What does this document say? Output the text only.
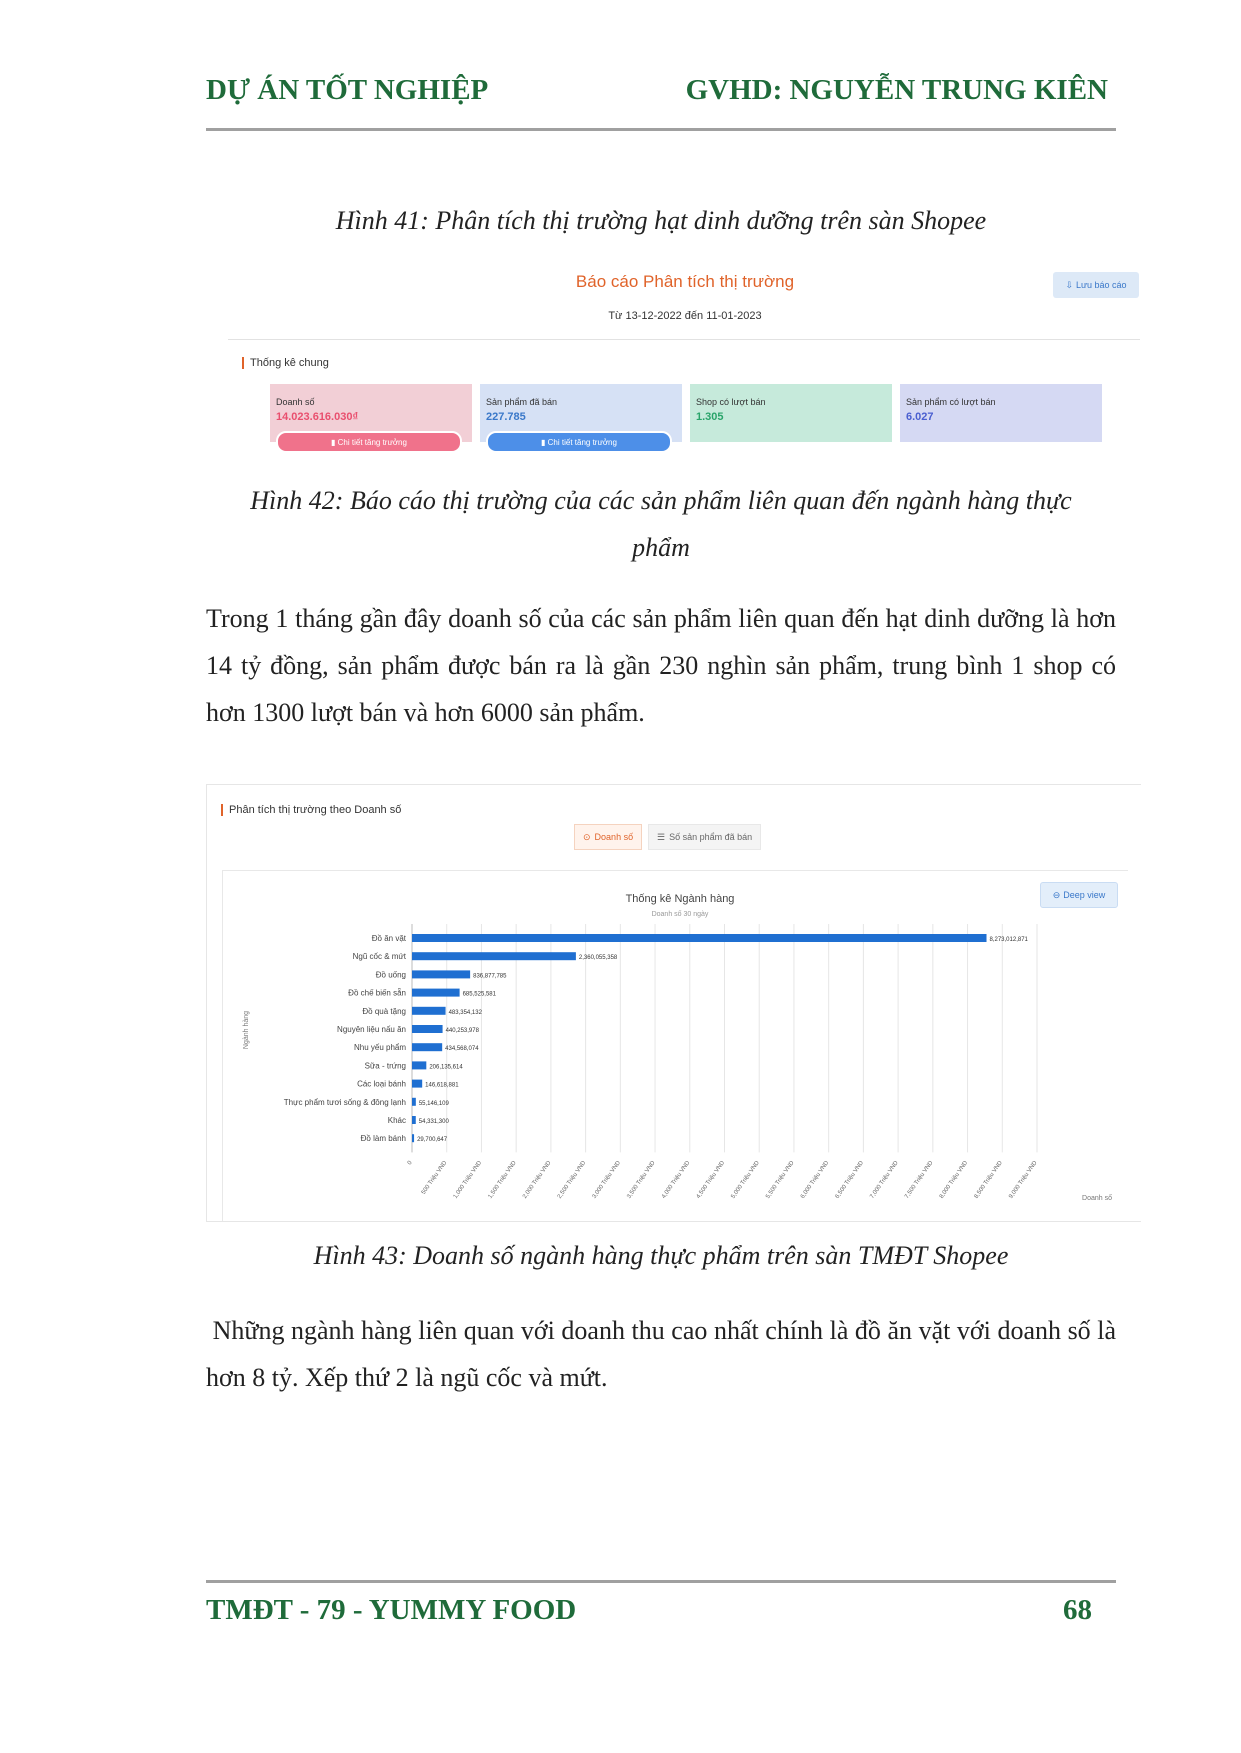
DỰ ÁN TỐT NGHIỆP	GVHD: NGUYỄN TRUNG KIÊN
Hình 41: Phân tích thị trường hạt dinh dưỡng trên sàn Shopee
Báo cáo Phân tích thị trường
Từ 13-12-2022 đến 11-01-2023
⇩ Lưu báo cáo
Thống kê chung
Doanh số
14.023.616.030₫
Sản phẩm đã bán
227.785
Shop có lượt bán
1.305
Sản phẩm có lượt bán
6.027
▮
Chi tiết tăng trưởng	▮
Chi tiết tăng trưởng
Hình 42: Báo cáo thị trường của các sản phẩm liên quan đến ngành hàng thực
phẩm

Trong 1 tháng gần đây doanh số của các sản phẩm liên quan đến hạt dinh dưỡng là hơn 14 tỷ đồng, sản phẩm được bán ra là gần 230 nghìn sản phẩm, trung bình 1 shop có hơn 1300 lượt bán và hơn 6000 sản phẩm.

Phân tích thị trường theo Doanh số
⊙ Doanh số	☰ Số sản phẩm đã bán
⊖ Deep view
Thống kê Ngành hàng
Doanh số 30 ngày
Ngành hàng
Doanh số
Đồ ăn vặt	8,273,012,871
Ngũ cốc & mứt	2,360,055,358
Đồ uống	836,877,785
Đồ chế biến sẵn	685,525,581
Đồ quà tặng	483,354,132
Nguyên liệu nấu ăn	440,253,978
Nhu yếu phẩm	434,568,074
Sữa - trứng	206,135,614
Các loại bánh	146,618,881
Thực phẩm tươi sống & đông lạnh 55,146,109
Khác 54,331,300
Đồ làm bánh 29,700,647
0 500 Triệu VND 1,000 Triệu VND 1,500 Triệu VND 2,000 Triệu VND 2,500 Triệu VND 3,000 Triệu VND 3,500 Triệu VND 4,000 Triệu VND 4,500 Triệu VND 5,000 Triệu VND 5,500 Triệu VND 6,000 Triệu VND 6,500 Triệu VND 7,000 Triệu VND 7,500 Triệu VND 8,000 Triệu VND 8,500 Triệu VND 9,000 Triệu VND
Hình 43: Doanh số ngành hàng thực phẩm trên sàn TMĐT Shopee

Những ngành hàng liên quan với doanh thu cao nhất chính là đồ ăn vặt với doanh số là hơn 8 tỷ. Xếp thứ 2 là ngũ cốc và mứt.

TMĐT - 79 - YUMMY FOOD	68
